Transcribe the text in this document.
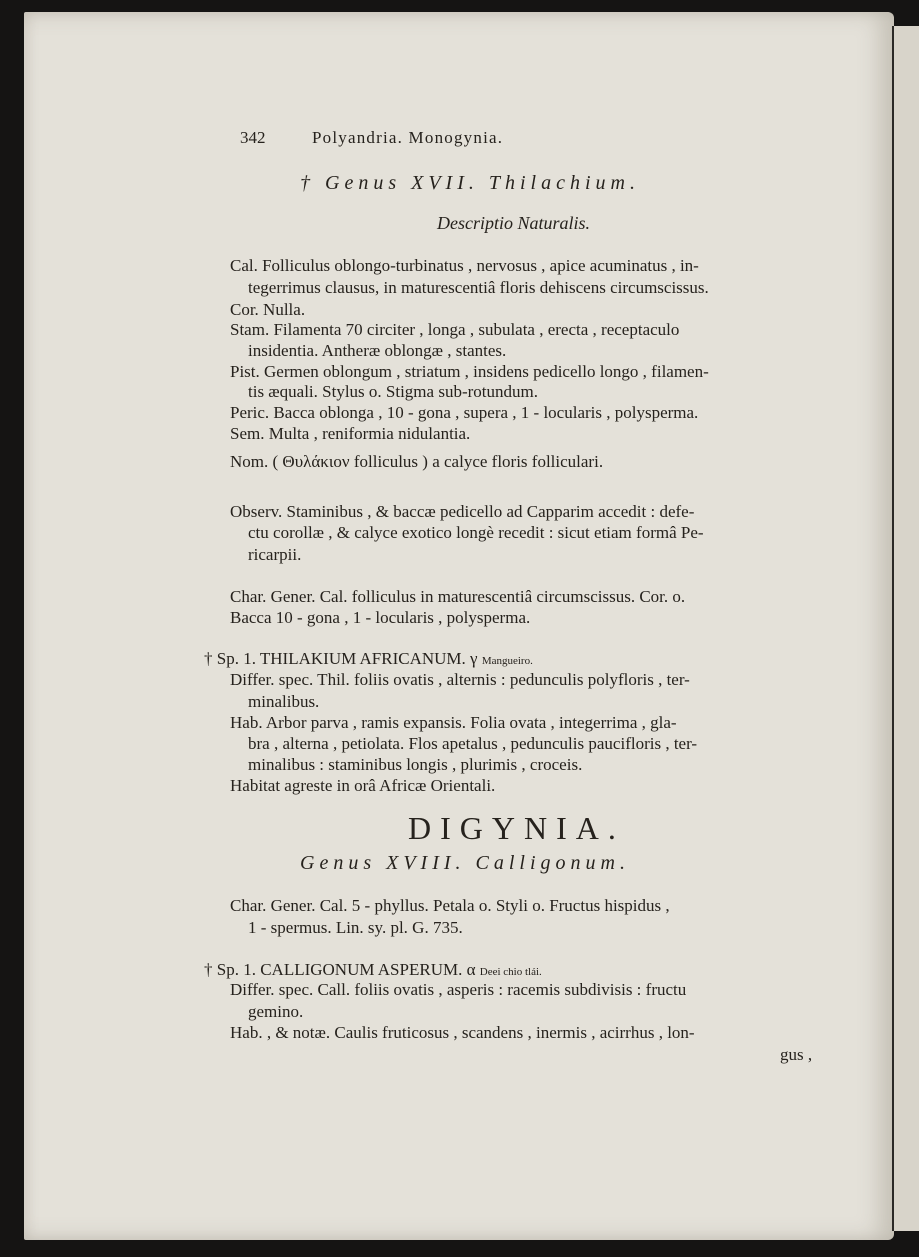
342	Polyandria. Monogynia.
† Genus XVII. Thilachium.
Descriptio Naturalis.
Cal. Folliculus oblongo-turbinatus , nervosus , apice acuminatus , in-
tegerrimus clausus, in maturescentiâ floris dehiscens circumscissus.
Cor. Nulla.
Stam. Filamenta 70 circiter , longa , subulata , erecta , receptaculo
insidentia. Antheræ oblongæ , stantes.
Pist. Germen oblongum , striatum , insidens pedicello longo , filamen-
tis æquali. Stylus o. Stigma sub-rotundum.
Peric. Bacca oblonga , 10 - gona , supera , 1 - locularis , polysperma.
Sem. Multa , reniformia nidulantia.
Nom. ( Θυλάκιον folliculus ) a calyce floris folliculari.
Observ. Staminibus , & baccæ pedicello ad Capparim accedit : defe-
ctu corollæ , & calyce exotico longè recedit : sicut etiam formâ Pe-
ricarpii.
Char. Gener. Cal. folliculus in maturescentiâ circumscissus. Cor. o.
Bacca 10 - gona , 1 - locularis , polysperma.
† Sp. 1. THILAKIUM AFRICANUM. γ Mangueiro.
Differ. spec. Thil. foliis ovatis , alternis : pedunculis polyfloris , ter-
minalibus.
Hab. Arbor parva , ramis expansis. Folia ovata , integerrima , gla-
bra , alterna , petiolata. Flos apetalus , pedunculis paucifloris , ter-
minalibus : staminibus longis , plurimis , croceis.
Habitat agreste in orâ Africæ Orientali.
DIGYNIA.
Genus XVIII. Calligonum.
Char. Gener. Cal. 5 - phyllus. Petala o. Styli o. Fructus hispidus ,
1 - spermus. Lin. sy. pl. G. 735.
† Sp. 1. CALLIGONUM ASPERUM. α Deei chio tlái.
Differ. spec. Call. foliis ovatis , asperis : racemis subdivisis : fructu
gemino.
Hab. , & notæ. Caulis fruticosus , scandens , inermis , acirrhus , lon-
gus ,
